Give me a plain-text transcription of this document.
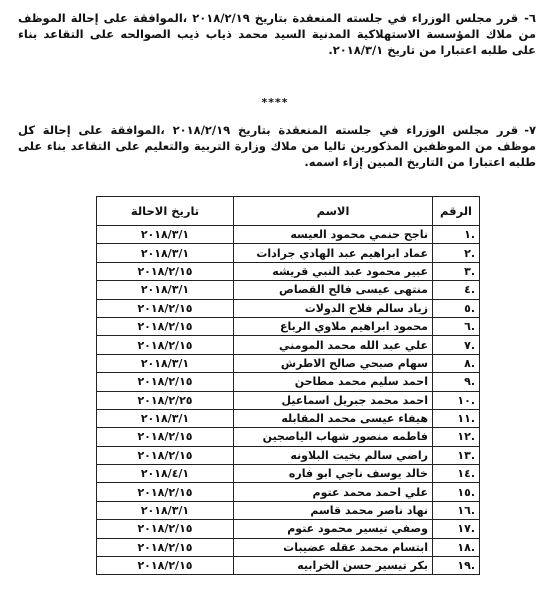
٦-قرر مجلس الوزراء في جلسته المنعقدة بتاريخ ٢٠١٨/٢/١٩ ،الموافقة على إحالة الموظف من ملاك المؤسسة الاستهلاكية المدنية السيد محمد ذياب ذيب الصوالحه على التقاعد بناء على طلبه اعتبارا من تاريخ ٢٠١٨/٣/١.
****
٧-قرر مجلس الوزراء في جلسته المنعقدة بتاريخ ٢٠١٨/٢/١٩ ،الموافقة على إحالة كل موظف من الموظفين المذكورين تاليا من ملاك وزارة التربية والتعليم على التقاعد بناء على طلبه اعتبارا من التاريخ المبين إزاء اسمه.
الرقم	الاسم	تاريخ الاحالة
.١	ناجح حنمي محمود العيسه	٢٠١٨/٣/١
.٢	عماد ابراهيم عبد الهادي جرادات	٢٠١٨/٣/١
.٣	عبير محمود عبد النبي قريشه	٢٠١٨/٢/١٥
.٤	منتهى عيسى فالح القصاص	٢٠١٨/٣/١
.٥	زياد سالم فلاح الدولات	٢٠١٨/٢/١٥
.٦	محمود ابراهيم ملاوي الرباع	٢٠١٨/٢/١٥
.٧	علي عبد الله محمد المومني	٢٠١٨/٢/١٥
.٨	سهام صبحي صالح الاطرش	٢٠١٨/٣/١
.٩	احمد سليم محمد مطاحن	٢٠١٨/٢/١٥
.١٠	احمد محمد جبريل اسماعيل	٢٠١٨/٢/٢٥
.١١	هيفاء عيسى محمد المقابله	٢٠١٨/٣/١
.١٢	فاطمه منصور شهاب الياصجين	٢٠١٨/٢/١٥
.١٣	راضي سالم بخيت البلاونه	٢٠١٨/٢/١٥
.١٤	خالد يوسف ناجي ابو فاره	٢٠١٨/٤/١
.١٥	علي احمد محمد عتوم	٢٠١٨/٢/١٥
.١٦	نهاد ناصر محمد قاسم	٢٠١٨/٣/١
.١٧	وصفي تيسير محمود عتوم	٢٠١٨/٢/١٥
.١٨	ابتسام محمد عقله عضيبات	٢٠١٨/٢/١٥
.١٩	بكر تيسير حسن الخرابيه	٢٠١٨/٢/١٥
